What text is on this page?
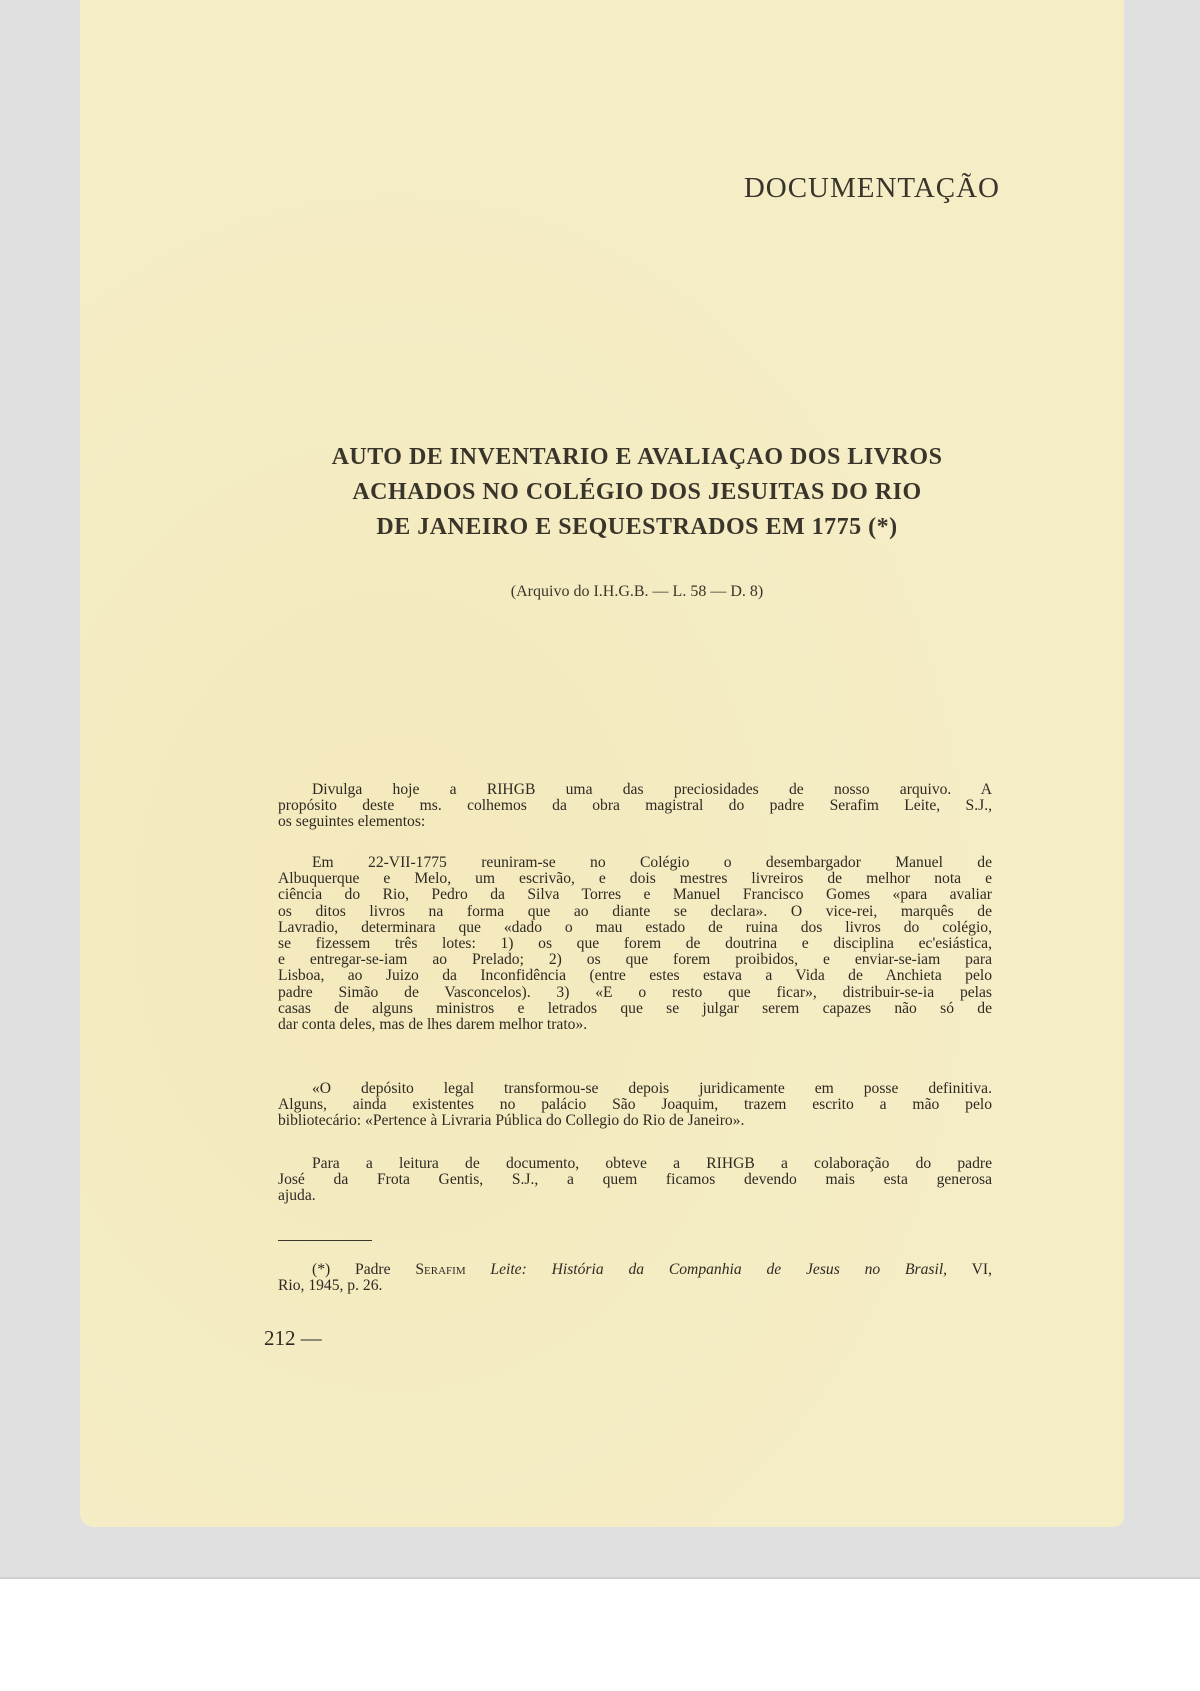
DOCUMENTAÇÃO
AUTO DE INVENTARIO E AVALIAÇAO DOS LIVROS
ACHADOS NO COLÉGIO DOS JESUITAS DO RIO
DE JANEIRO E SEQUESTRADOS EM 1775 (*)
(Arquivo do I.H.G.B. — L. 58 — D. 8)
Divulga hoje a RIHGB uma das preciosidades de nosso arquivo. A
propósito deste ms. colhemos da obra magistral do padre Serafim Leite, S.J.,
os seguintes elementos:
Em 22-VII-1775 reuniram-se no Colégio o desembargador Manuel de
Albuquerque e Melo, um escrivão, e dois mestres livreiros de melhor nota e
ciência do Rio, Pedro da Silva Torres e Manuel Francisco Gomes «para avaliar
os ditos livros na forma que ao diante se declara». O vice-rei, marquês de
Lavradio, determinara que «dado o mau estado de ruina dos livros do colégio,
se fizessem três lotes: 1) os que forem de doutrina e disciplina ec'esiástica,
e entregar-se-iam ao Prelado; 2) os que forem proibidos, e enviar-se-iam para
Lisboa, ao Juizo da Inconfidência (entre estes estava a Vida de Anchieta pelo
padre Simão de Vasconcelos). 3) «E o resto que ficar», distribuir-se-ia pelas
casas de alguns ministros e letrados que se julgar serem capazes não só de
dar conta deles, mas de lhes darem melhor trato».
«O depósito legal transformou-se depois juridicamente em posse definitiva.
Alguns, ainda existentes no palácio São Joaquim, trazem escrito a mão pelo
bibliotecário: «Pertence à Livraria Pública do Collegio do Rio de Janeiro».
Para a leitura de documento, obteve a RIHGB a colaboração do padre
José da Frota Gentis, S.J., a quem ficamos devendo mais esta generosa
ajuda.
(*) Padre Serafim Leite: História da Companhia de Jesus no Brasil, VI,
Rio, 1945, p. 26.
212 —
